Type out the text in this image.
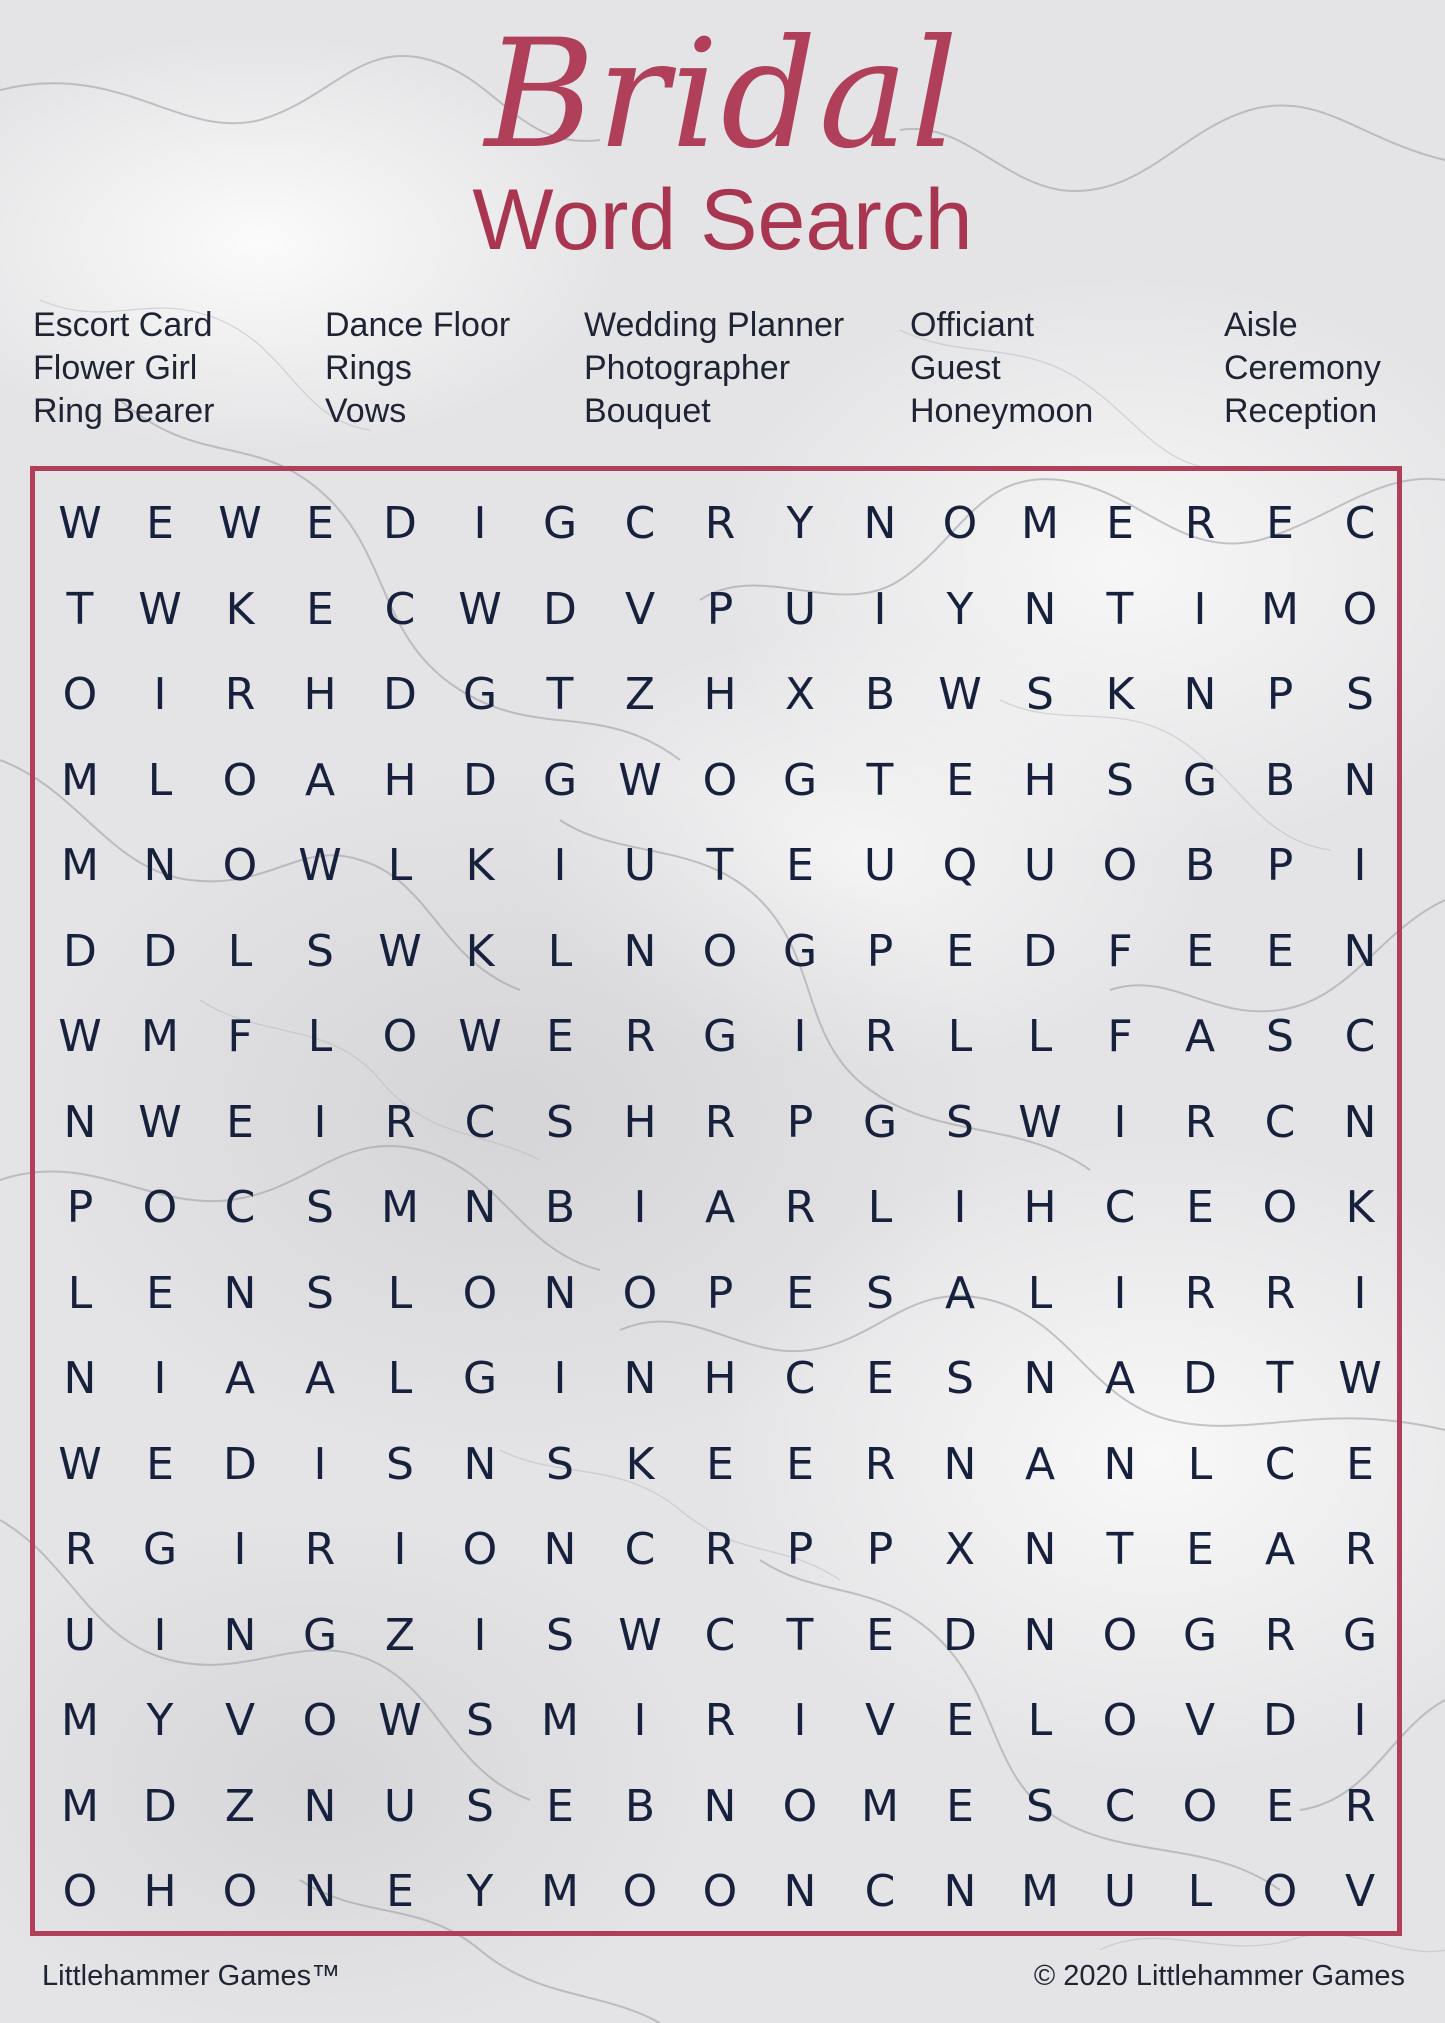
Bridal
Word Search
Escort Card
Flower Girl
Ring Bearer
Dance Floor
Rings
Vows
Wedding Planner
Photographer
Bouquet
Officiant
Guest
Honeymoon
Aisle
Ceremony
Reception
W	E	W	E	D	I	G	C	R	Y	N	O M	E	R	E	C
T	W K	E	C W D	V	P	U	I	Y	N	T	I	M O
O	I	R	H	D	G	T	Z	H	X	B W	S	K	N	P	S
M	L	O	A	H	D	G W O	G	T	E	H	S	G	B	N
M	N	O W	L	K	I	U	T	E	U	Q	U	O	B	P	I
D	D	L	S	W K	L	N	O	G	P	E	D	F	E	E	N
W M	F	L	O W	E	R	G	I	R	L	L	F	A	S	C
N W	E	I	R	C	S	H	R	P	G	S	W	I	R	C	N
P	O	C	S	M	N	B	I	A	R	L	I	H	C	E	O	K
L	E	N	S	L	O	N	O	P	E	S	A	L	I	R	R	I
N	I	A	A	L	G	I	N	H	C	E	S	N	A	D	T	W
W	E	D	I	S	N	S	K	E	E	R	N	A	N	L	C	E
R	G	I	R	I	O	N	C	R	P	P	X	N	T	E	A	R
U	I	N	G	Z	I	S	W C	T	E	D	N	O	G	R	G
M	Y	V	O W	S	M	I	R	I	V	E	L	O	V	D	I
M	D	Z	N	U	S	E	B	N	O M	E	S	C	O	E	R
O	H	O	N	E	Y	M O	O	N	C	N	M	U	L	O	V
Littlehammer Games™	© 2020 Littlehammer Games
